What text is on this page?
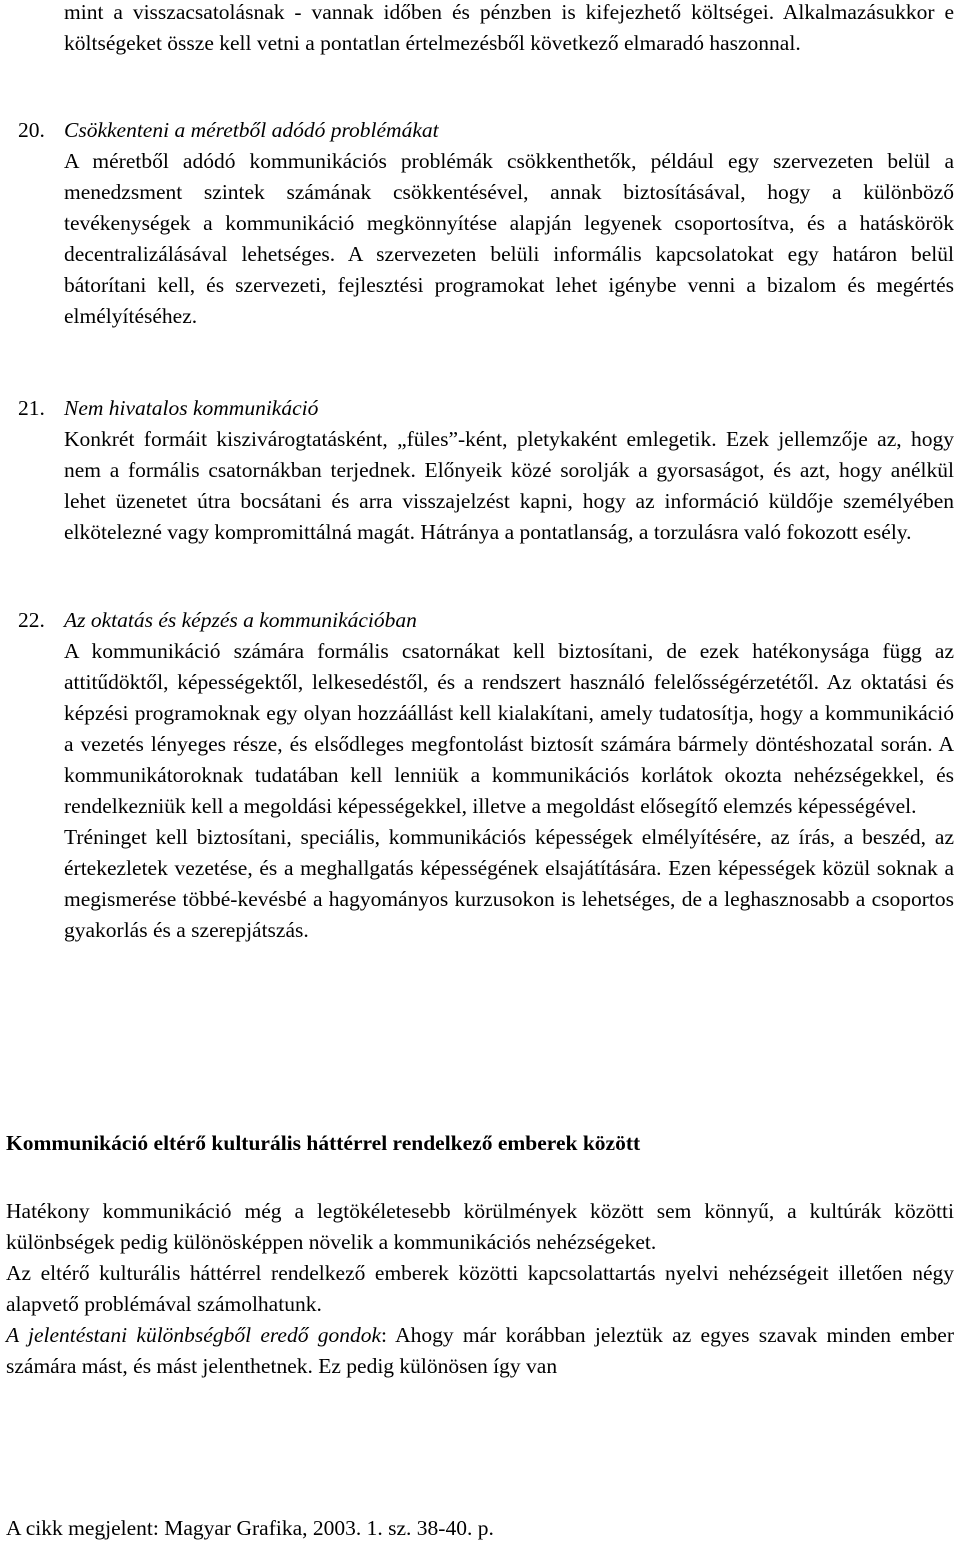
mint a visszacsatolásnak - vannak időben és pénzben is kifejezhető költségei. Alkalmazásukkor e költségeket össze kell vetni a pontatlan értelmezésből következő elmaradó haszonnal.

20. Csökkenteni a méretből adódó problémákat

A méretből adódó kommunikációs problémák csökkenthetők, például egy szervezeten belül a menedzsment szintek számának csökkentésével, annak biztosításával, hogy a különböző tevékenységek a kommunikáció megkönnyítése alapján legyenek csoportosítva, és a hatáskörök decentralizálásával lehetséges. A szervezeten belüli informális kapcsolatokat egy határon belül bátorítani kell, és szervezeti, fejlesztési programokat lehet igénybe venni a bizalom és megértés elmélyítéséhez.

21. Nem hivatalos kommunikáció

Konkrét formáit kiszivárogtatásként, „füles”-ként, pletykaként emlegetik. Ezek jellemzője az, hogy nem a formális csatornákban terjednek. Előnyeik közé sorolják a gyorsaságot, és azt, hogy anélkül lehet üzenetet útra bocsátani és arra visszajelzést kapni, hogy az információ küldője személyében elkötelezné vagy kompromittálná magát. Hátránya a pontatlanság, a torzulásra való fokozott esély.

22. Az oktatás és képzés a kommunikációban

A kommunikáció számára formális csatornákat kell biztosítani, de ezek hatékonysága függ az attitűdöktől, képességektől, lelkesedéstől, és a rendszert használó felelősségérzetétől. Az oktatási és képzési programoknak egy olyan hozzáállást kell kialakítani, amely tudatosítja, hogy a kommunikáció a vezetés lényeges része, és elsődleges megfontolást biztosít számára bármely döntéshozatal során. A kommunikátoroknak tudatában kell lenniük a kommunikációs korlátok okozta nehézségekkel, és rendelkezniük kell a megoldási képességekkel, illetve a megoldást elősegítő elemzés képességével.

Tréninget kell biztosítani, speciális, kommunikációs képességek elmélyítésére, az írás, a beszéd, az értekezletek vezetése, és a meghallgatás képességének elsajátítására. Ezen képességek közül soknak a megismerése többé-kevésbé a hagyományos kurzusokon is lehetséges, de a leghasznosabb a csoportos gyakorlás és a szerepjátszás.

Kommunikáció eltérő kulturális háttérrel rendelkező emberek között

Hatékony kommunikáció még a legtökéletesebb körülmények között sem könnyű, a kultúrák közötti különbségek pedig különösképpen növelik a kommunikációs nehézségeket.

Az eltérő kulturális háttérrel rendelkező emberek közötti kapcsolattartás nyelvi nehézségeit illetően négy alapvető problémával számolhatunk.

A jelentéstani különbségből eredő gondok: Ahogy már korábban jeleztük az egyes szavak minden ember számára mást, és mást jelenthetnek. Ez pedig különösen így van

A cikk megjelent: Magyar Grafika, 2003. 1. sz. 38-40. p.
